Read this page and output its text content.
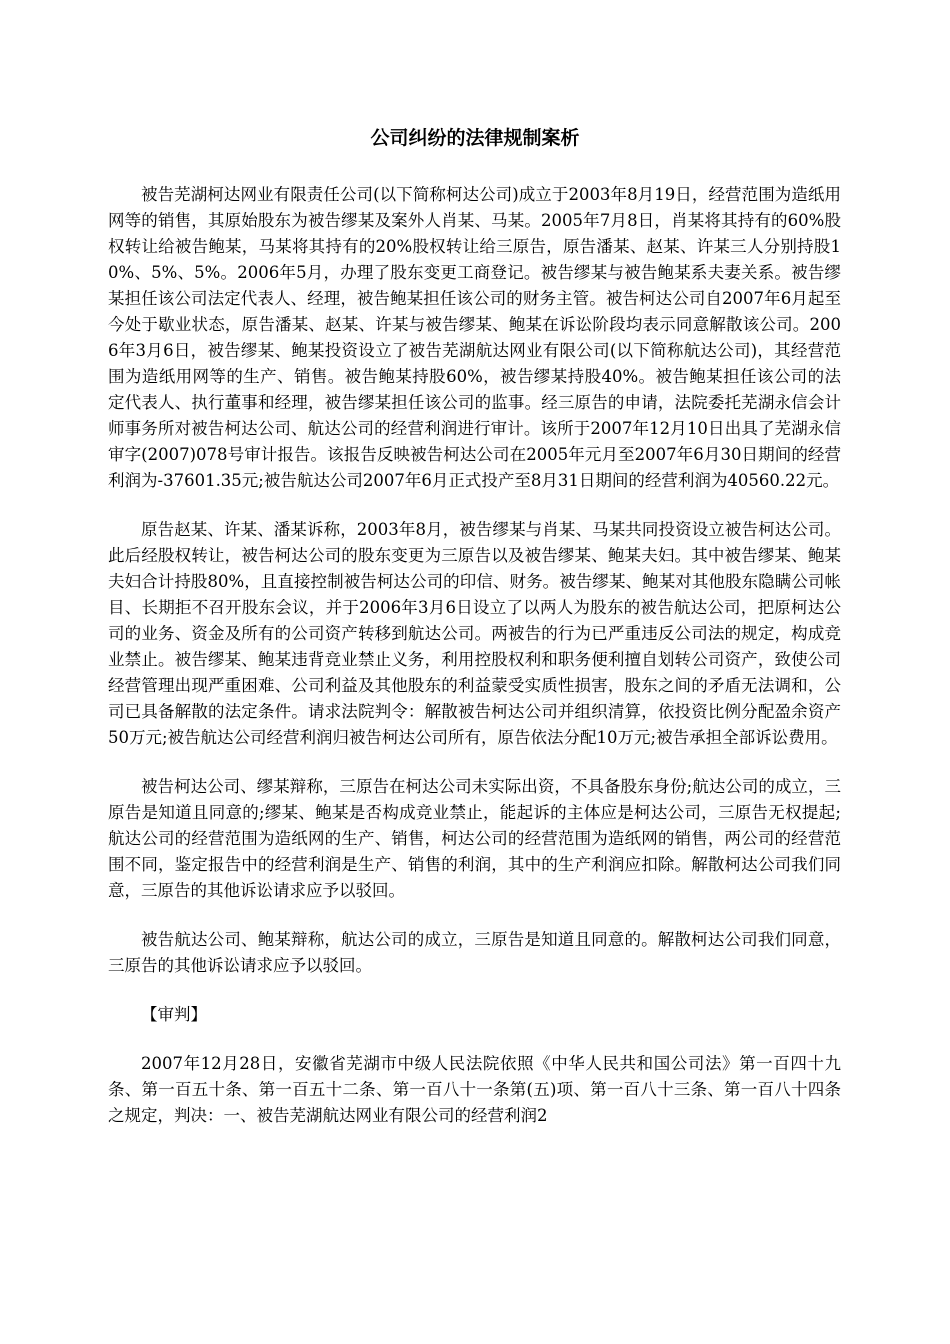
公司纠纷的法律规制案析

被告芜湖柯达网业有限责任公司(以下简称柯达公司)成立于2003年8月19日，经营范围为造纸用网等的销售，其原始股东为被告缪某及案外人肖某、马某。2005年7月8日，肖某将其持有的60%股权转让给被告鲍某，马某将其持有的20%股权转让给三原告，原告潘某、赵某、许某三人分别持股10%、5%、5%。2006年5月，办理了股东变更工商登记。被告缪某与被告鲍某系夫妻关系。被告缪某担任该公司法定代表人、经理，被告鲍某担任该公司的财务主管。被告柯达公司自2007年6月起至今处于歇业状态，原告潘某、赵某、许某与被告缪某、鲍某在诉讼阶段均表示同意解散该公司。2006年3月6日，被告缪某、鲍某投资设立了被告芜湖航达网业有限公司(以下简称航达公司)，其经营范围为造纸用网等的生产、销售。被告鲍某持股60%，被告缪某持股40%。被告鲍某担任该公司的法定代表人、执行董事和经理，被告缪某担任该公司的监事。经三原告的申请，法院委托芜湖永信会计师事务所对被告柯达公司、航达公司的经营利润进行审计。该所于2007年12月10日出具了芜湖永信审字(2007)078号审计报告。该报告反映被告柯达公司在2005年元月至2007年6月30日期间的经营利润为-37601.35元;被告航达公司2007年6月正式投产至8月31日期间的经营利润为40560.22元。

原告赵某、许某、潘某诉称，2003年8月，被告缪某与肖某、马某共同投资设立被告柯达公司。此后经股权转让，被告柯达公司的股东变更为三原告以及被告缪某、鲍某夫妇。其中被告缪某、鲍某夫妇合计持股80%，且直接控制被告柯达公司的印信、财务。被告缪某、鲍某对其他股东隐瞒公司帐目、长期拒不召开股东会议，并于2006年3月6日设立了以两人为股东的被告航达公司，把原柯达公司的业务、资金及所有的公司资产转移到航达公司。两被告的行为已严重违反公司法的规定，构成竞业禁止。被告缪某、鲍某违背竞业禁止义务，利用控股权利和职务便利擅自划转公司资产，致使公司经营管理出现严重困难、公司利益及其他股东的利益蒙受实质性损害，股东之间的矛盾无法调和，公司已具备解散的法定条件。请求法院判令：解散被告柯达公司并组织清算，依投资比例分配盈余资产50万元;被告航达公司经营利润归被告柯达公司所有，原告依法分配10万元;被告承担全部诉讼费用。

被告柯达公司、缪某辩称，三原告在柯达公司未实际出资，不具备股东身份;航达公司的成立，三原告是知道且同意的;缪某、鲍某是否构成竞业禁止，能起诉的主体应是柯达公司，三原告无权提起;航达公司的经营范围为造纸网的生产、销售，柯达公司的经营范围为造纸网的销售，两公司的经营范围不同，鉴定报告中的经营利润是生产、销售的利润，其中的生产利润应扣除。解散柯达公司我们同意，三原告的其他诉讼请求应予以驳回。

被告航达公司、鲍某辩称，航达公司的成立，三原告是知道且同意的。解散柯达公司我们同意，三原告的其他诉讼请求应予以驳回。

【审判】

2007年12月28日，安徽省芜湖市中级人民法院依照《中华人民共和国公司法》第一百四十九条、第一百五十条、第一百五十二条、第一百八十一条第(五)项、第一百八十三条、第一百八十四条之规定，判决：一、被告芜湖航达网业有限公司的经营利润2
